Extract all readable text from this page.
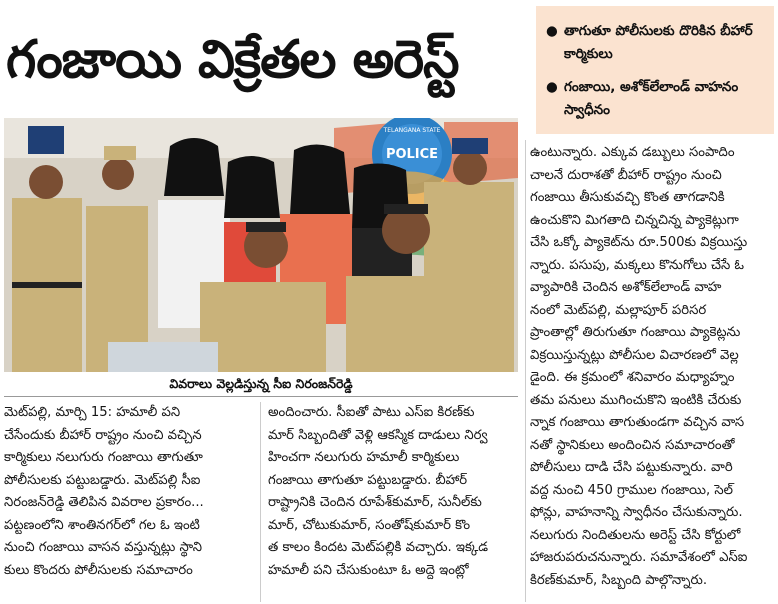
గంజాయి విక్రేతల అరెస్ట్	● తాగుతూ పోలీసులకు దొరికిన బీహార్ కార్మికులు
● గంజాయి, అశోక్‌లేలాండ్ వాహనం స్వాధీనం
POLICE
TELANGANA STATE
వివరాలు వెల్లడిస్తున్న సీఐ నిరంజన్‌రెడ్డి
మెట్‌పల్లి, మార్చి 15: హమాలీ పని
చేసేందుకు బీహార్ రాష్ట్రం నుంచి వచ్చిన
కార్మికులు నలుగురు గంజాయి తాగుతూ
పోలీసులకు పట్టుబడ్డారు. మెట్‌పల్లి సీఐ
నిరంజన్‌రెడ్డి తెలిపిన వివరాల ప్రకారం...
పట్టణంలోని శాంతినగర్‌లో గల ఓ ఇంటి
నుంచి గంజాయి వాసన వస్తున్నట్లు స్థాని
కులు కొందరు పోలీసులకు సమాచారం
అందించారు. సీఐతో పాటు ఎస్ఐ కిరణ్‌కు
మార్ సిబ్బందితో వెళ్లి ఆకస్మిక దాడులు నిర్వ
హించగా నలుగురు హమాలీ కార్మికులు
గంజాయి తాగుతూ పట్టుబడ్డారు. బీహార్
రాష్ట్రానికి చెందిన రూపేశ్‌కుమార్, సునీల్‌కు
మార్, చోటుకుమార్, సంతోష్‌కుమార్ కొం
త కాలం కిందట మెట్‌పల్లికి వచ్చారు. ఇక్కడ
హమాలీ పని చేసుకుంటూ ఓ అద్దె ఇంట్లో
ఉంటున్నారు. ఎక్కువ డబ్బులు సంపాదిం
చాలనే దురాశతో బీహార్ రాష్ట్రం నుంచి
గంజాయి తీసుకువచ్చి కొంత తాగడానికి
ఉంచుకొని మిగతాది చిన్నచిన్న ప్యాకెట్లుగా
చేసి ఒక్కో ప్యాకెట్‌ను రూ.500కు విక్రయిస్తు
న్నారు. పసుపు, మక్కలు కొనుగోలు చేసే ఓ
వ్యాపారికి చెందిన అశోక్‌లేలాండ్ వాహ
నంలో మెట్‌పల్లి, మల్లాపూర్ పరిసర
ప్రాంతాల్లో తిరుగుతూ గంజాయి ప్యాకెట్లను
విక్రయిస్తున్నట్లు పోలీసుల విచారణలో వెల్ల
డైంది. ఈ క్రమంలో శనివారం మధ్యాహ్నం
తమ పనులు ముగించుకొని ఇంటికి చేరుకు
న్నాక గంజాయి తాగుతుండగా వచ్చిన వాస
నతో స్థానికులు అందించిన సమాచారంతో
పోలీసులు దాడి చేసి పట్టుకున్నారు. వారి
వద్ద నుంచి 450 గ్రాముల గంజాయి, సెల్
ఫోన్లు, వాహనాన్ని స్వాధీనం చేసుకున్నారు.
నలుగురు నిందితులను అరెస్ట్ చేసి కోర్టులో
హాజరుపరుచనున్నారు. సమావేశంలో ఎస్ఐ
కిరణ్‌కుమార్, సిబ్బంది పాల్గొన్నారు.
